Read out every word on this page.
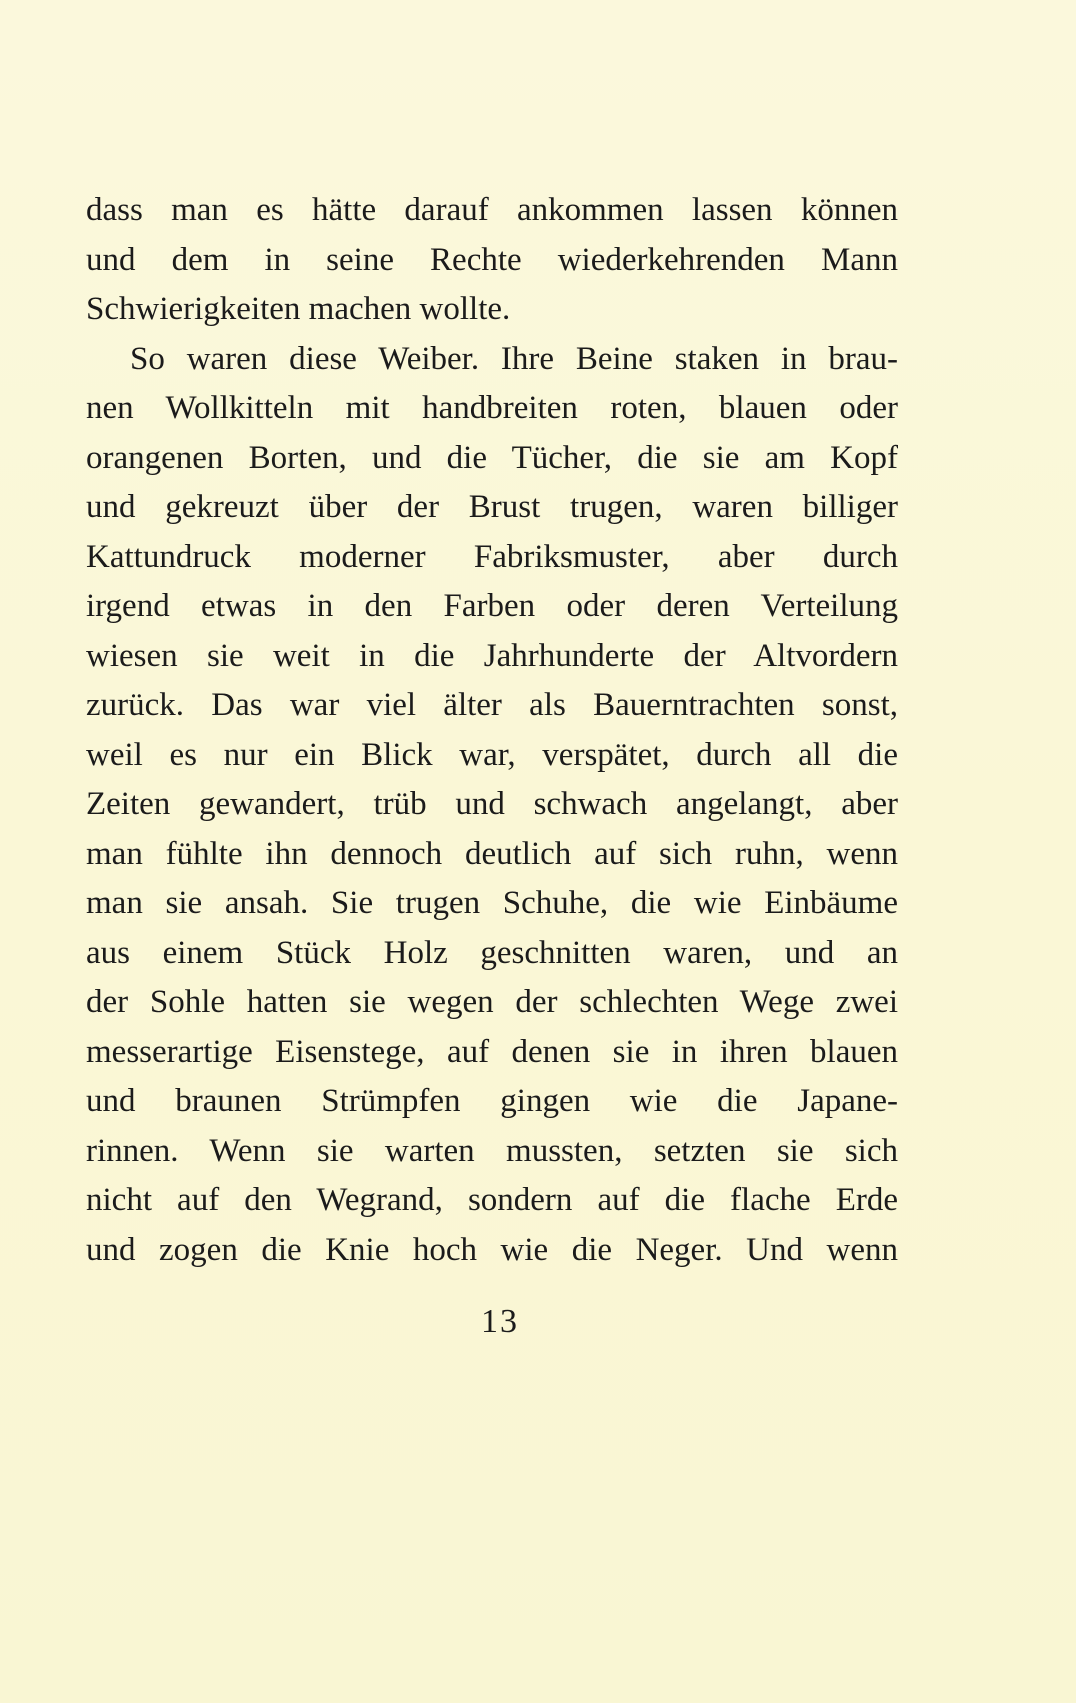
dass man es hätte darauf ankommen lassen können
und dem in seine Rechte wiederkehrenden Mann
Schwierigkeiten machen wollte.
So waren diese Weiber. Ihre Beine staken in brau-
nen Wollkitteln mit handbreiten roten, blauen oder
orangenen Borten, und die Tücher, die sie am Kopf
und gekreuzt über der Brust trugen, waren billiger
Kattundruck moderner Fabriksmuster, aber durch
irgend etwas in den Farben oder deren Verteilung
wiesen sie weit in die Jahrhunderte der Altvordern
zurück. Das war viel älter als Bauerntrachten sonst,
weil es nur ein Blick war, verspätet, durch all die
Zeiten gewandert, trüb und schwach angelangt, aber
man fühlte ihn dennoch deutlich auf sich ruhn, wenn
man sie ansah. Sie trugen Schuhe, die wie Einbäume
aus einem Stück Holz geschnitten waren, und an
der Sohle hatten sie wegen der schlechten Wege zwei
messerartige Eisenstege, auf denen sie in ihren blauen
und braunen Strümpfen gingen wie die Japane-
rinnen. Wenn sie warten mussten, setzten sie sich
nicht auf den Wegrand, sondern auf die flache Erde
und zogen die Knie hoch wie die Neger. Und wenn
13
